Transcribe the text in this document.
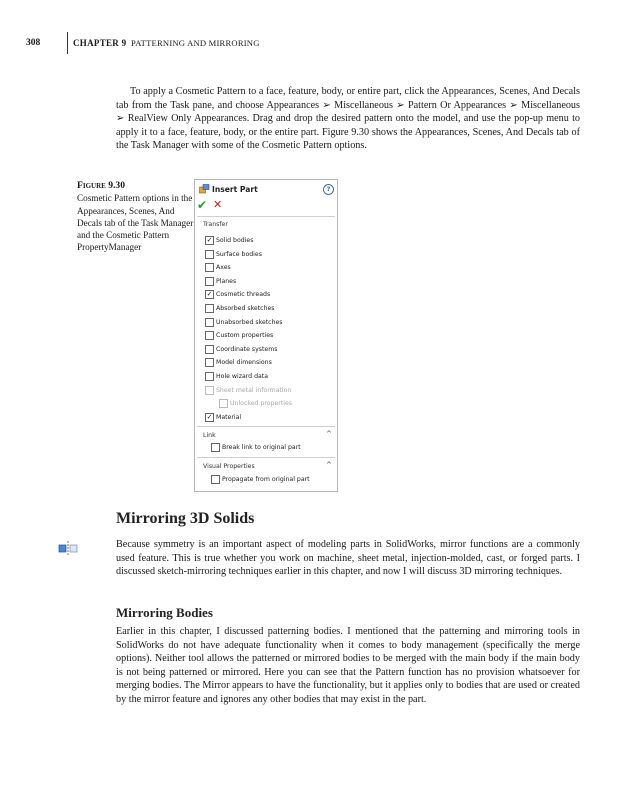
308	CHAPTER 9 PATTERNING AND MIRRORING
To apply a Cosmetic Pattern to a face, feature, body, or entire part, click the Appearances, Scenes, And Decals tab from the Task pane, and choose Appearances ➢ Miscellaneous ➢ Pattern Or Appearances ➢ Miscellaneous ➢ RealView Only Appearances. Drag and drop the desired pattern onto the model, and use the pop-up menu to apply it to a face, feature, body, or the entire part. Figure 9.30 shows the Appearances, Scenes, And Decals tab of the Task Manager with some of the Cosmetic Pattern options.
Figure 9.30
Cosmetic Pattern options in the Appearances, Scenes, And Decals tab of the Task Manager and the Cosmetic Pattern PropertyManager
Insert Part	?
✔ ✕
Transfer
Link	^
Break link to original part
Visual Properties	^
Propagate from original part
✓ Solid bodies
Surface bodies
Axes
Planes
✓ Cosmetic threads
Absorbed sketches
Unabsorbed sketches
Custom properties
Coordinate systems
Model dimensions
Hole wizard data
Sheet metal information
Unlocked properties
✓ Material
Mirroring 3D Solids
Because symmetry is an important aspect of modeling parts in SolidWorks, mirror functions are a commonly used feature. This is true whether you work on machine, sheet metal, injection-molded, cast, or forged parts. I discussed sketch-mirroring techniques earlier in this chapter, and now I will discuss 3D mirroring techniques.
Mirroring Bodies
Earlier in this chapter, I discussed patterning bodies. I mentioned that the patterning and mirroring tools in SolidWorks do not have adequate functionality when it comes to body management (specifically the merge options). Neither tool allows the patterned or mirrored bodies to be merged with the main body if the main body is not being patterned or mirrored. Here you can see that the Pattern function has no provision whatsoever for merging bodies. The Mirror appears to have the functionality, but it applies only to bodies that are used or created by the mirror feature and ignores any other bodies that may exist in the part.
